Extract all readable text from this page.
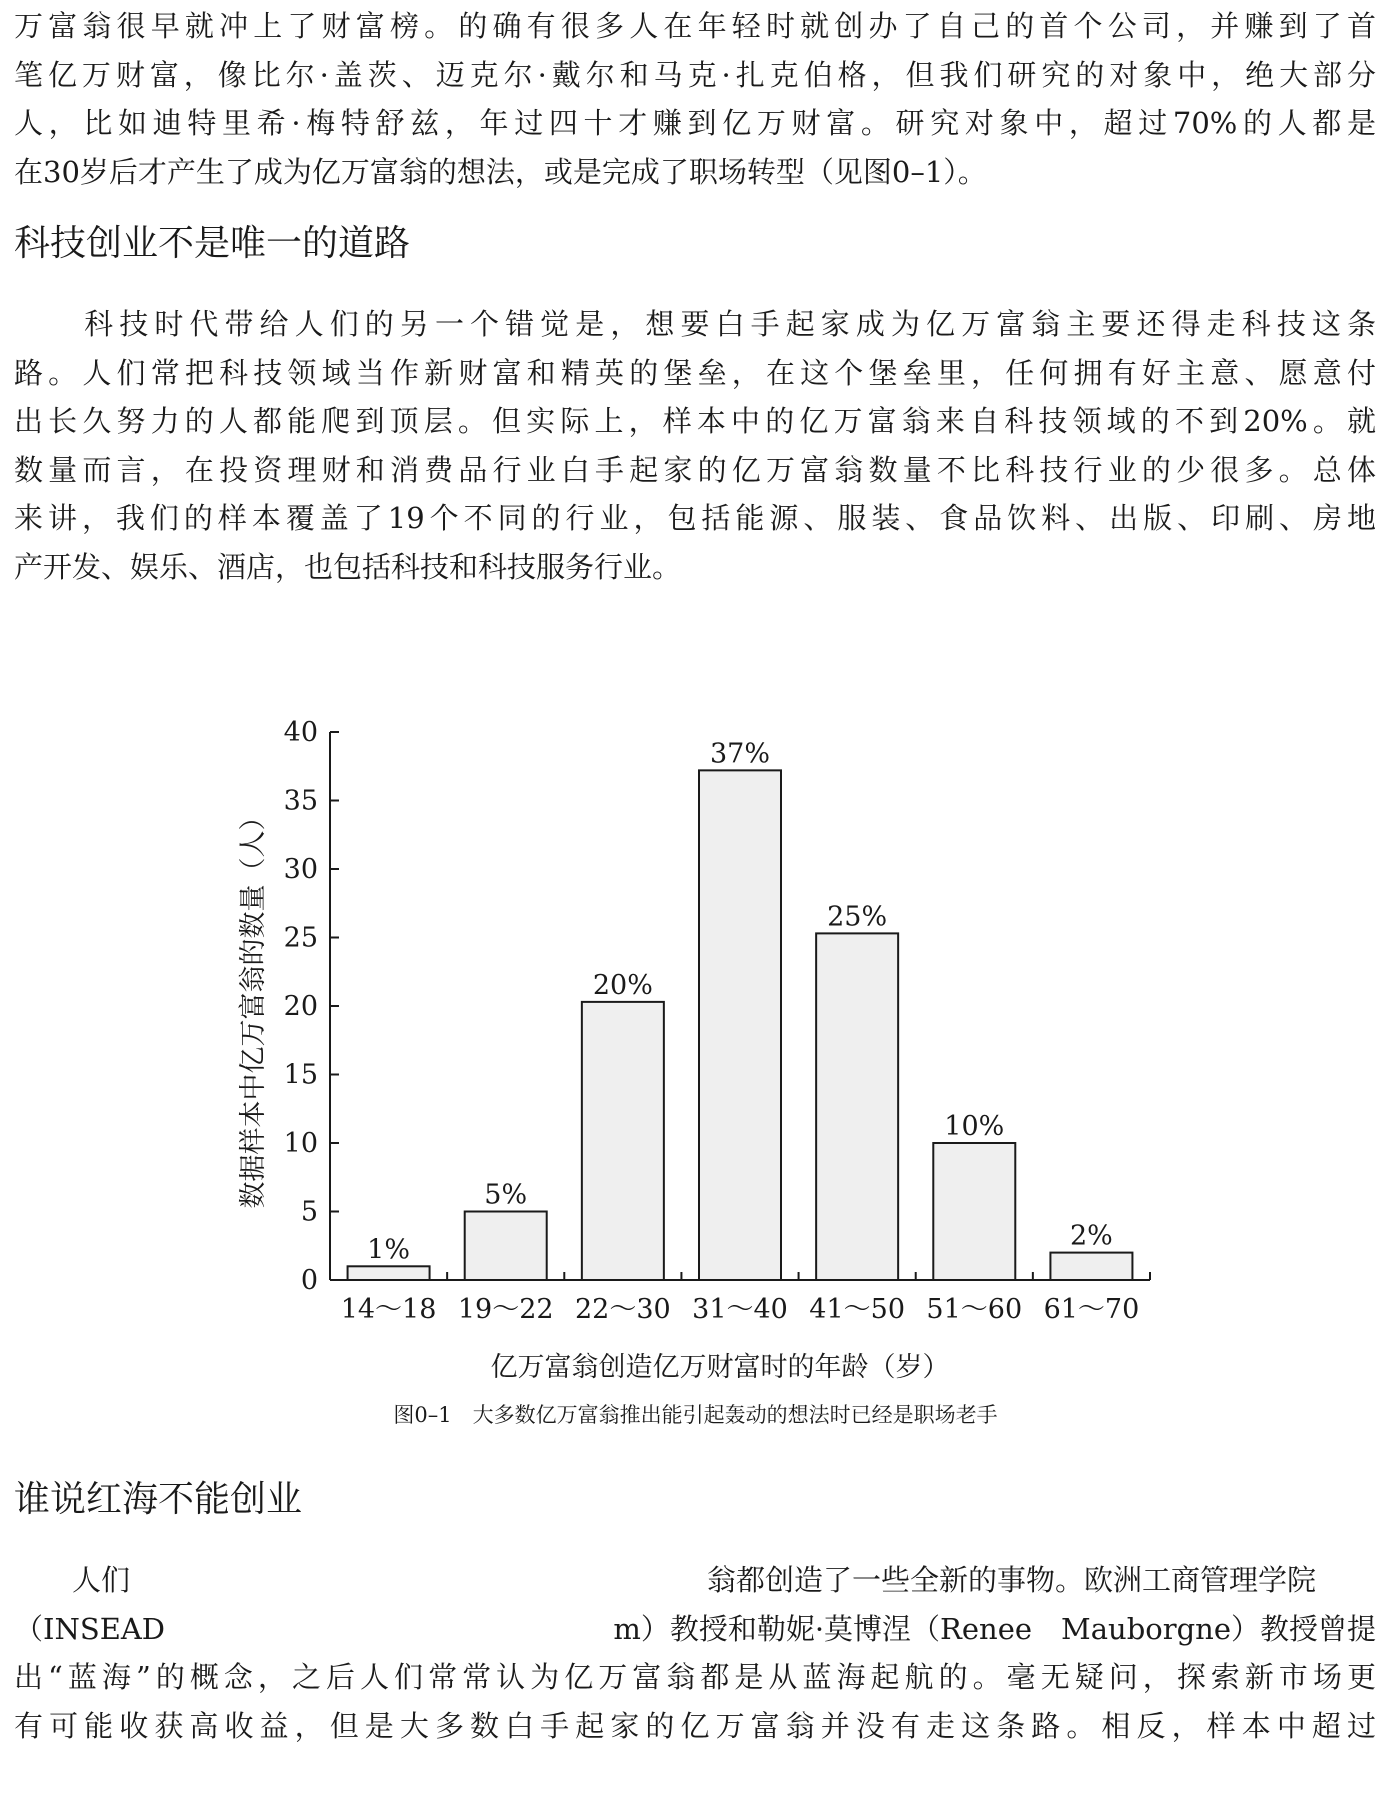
万富翁很早就冲上了财富榜。的确有很多人在年轻时就创办了自己的首个公司，并赚到了首
笔亿万财富，像比尔·盖茨、迈克尔·戴尔和马克·扎克伯格，但我们研究的对象中，绝大部分
人，比如迪特里希·梅特舒兹，年过四十才赚到亿万财富。研究对象中，超过70%的人都是
在30岁后才产生了成为亿万富翁的想法，或是完成了职场转型（见图0–1）。
科技创业不是唯一的道路
　　科技时代带给人们的另一个错觉是，想要白手起家成为亿万富翁主要还得走科技这条
路。人们常把科技领域当作新财富和精英的堡垒，在这个堡垒里，任何拥有好主意、愿意付
出长久努力的人都能爬到顶层。但实际上，样本中的亿万富翁来自科技领域的不到20%。就
数量而言，在投资理财和消费品行业白手起家的亿万富翁数量不比科技行业的少很多。总体
来讲，我们的样本覆盖了19个不同的行业，包括能源、服装、食品饮料、出版、印刷、房地
产开发、娱乐、酒店，也包括科技和科技服务行业。
数据样本中亿万富翁的数量（人）
0
5
10
15
20
25
30
35
40
14～18 19～22 22～30 31～40 41～50 51～60 61～70
1%
5%
20%
37%
25%
10%
2%
亿万富翁创造亿万财富时的年龄（岁）
图0–1　大多数亿万富翁推出能引起轰动的想法时已经是职场老手
谁说红海不能创业
　　人们	翁都创造了一些全新的事物。欧洲工商管理学院
（INSEAD	m）教授和勒妮·莫博涅（Renee　Mauborgne）教授曾提
出“蓝海”的概念，之后人们常常认为亿万富翁都是从蓝海起航的。毫无疑问，探索新市场更
有可能收获高收益，但是大多数白手起家的亿万富翁并没有走这条路。相反，样本中超过
